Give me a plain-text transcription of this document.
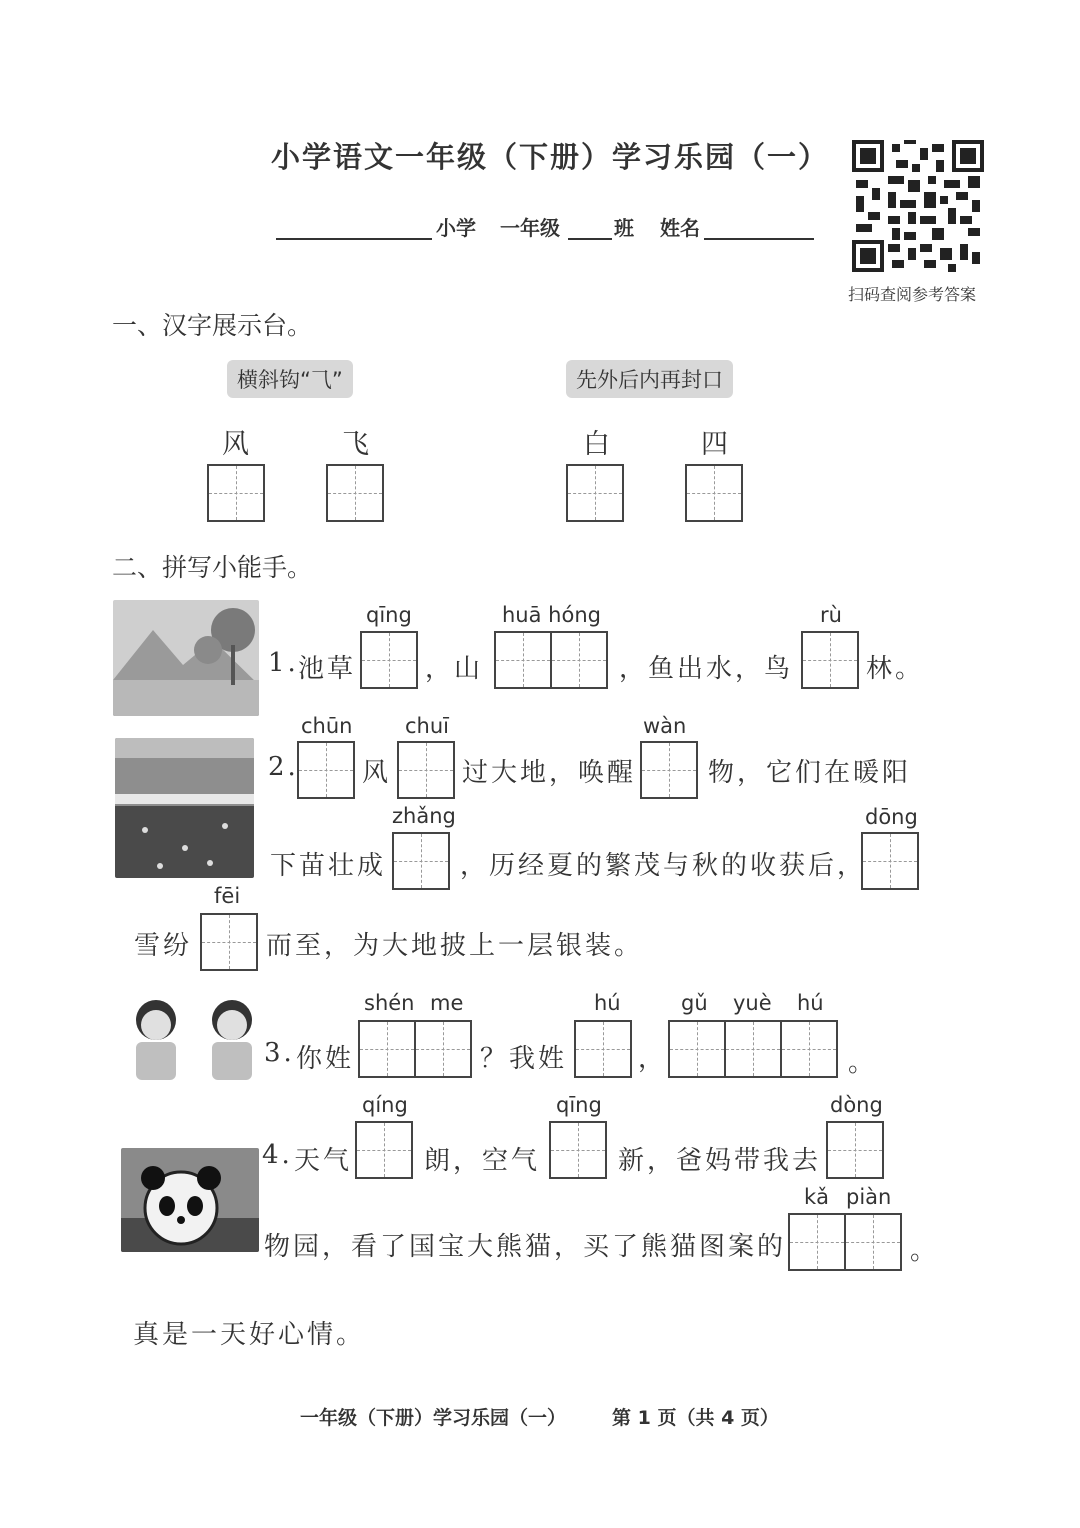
小学语文一年级（下册）学习乐园（一）
小学 一年级	班 姓名
扫码查阅参考答案
一、汉字展示台。
横斜钩“⺄”	先外后内再封口
风	飞	白	四
二、拼写小能手。
1. 池草
qīng
，山
huā hóng
，鱼出水，鸟
rù
林。
2.
chūn
风
chuī
过大地，唤醒
wàn
物，它们在暖阳
下苗壮成
zhǎng
，历经夏的繁茂与秋的收获后，
dōng
雪纷
fēi
而至，为大地披上一层银装。
3. 你姓
shén me
？我姓
hú
，
gǔ yuè hú
。
4. 天气
qíng
朗，空气
qīng
新，爸妈带我去
dòng
物园，看了国宝大熊猫，买了熊猫图案的
kǎ piàn
。
真是一天好心情。
一年级（下册）学习乐园（一） 第 1 页（共 4 页）
